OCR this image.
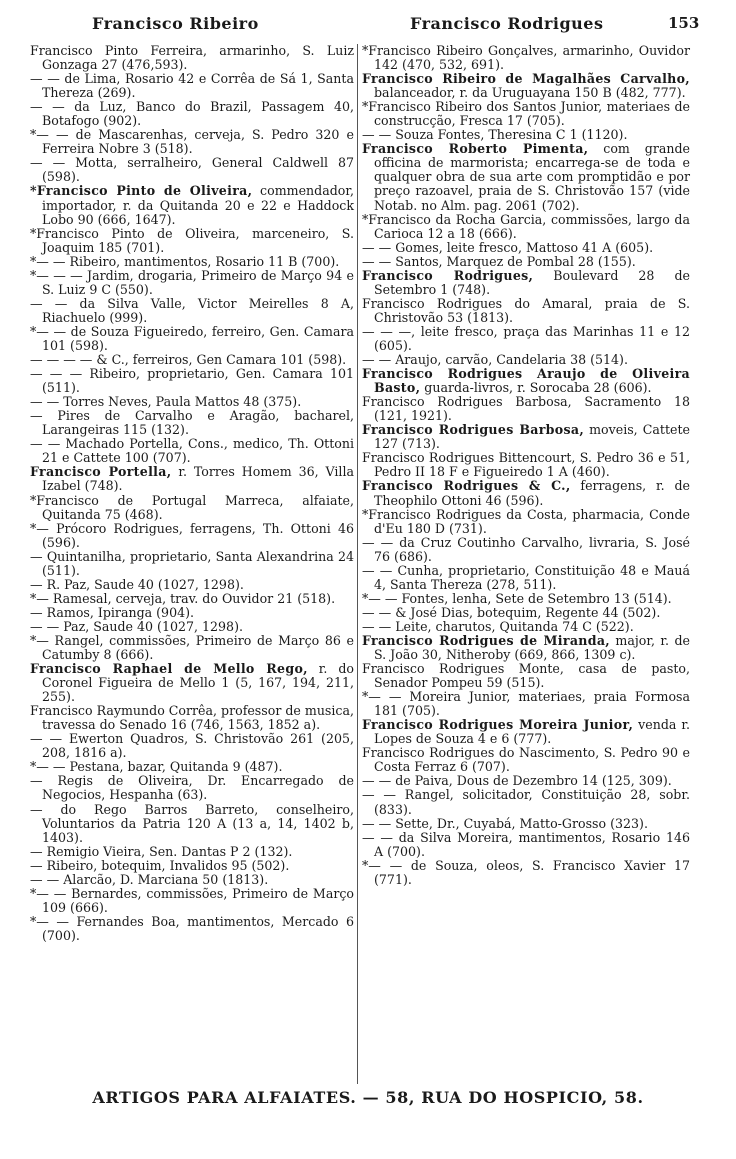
Francisco Ribeiro	Francisco Rodrigues	153

Francisco Pinto Ferreira, armarinho, S. Luiz Gonzaga 27 (476,593).

— — de Lima, Rosario 42 e Corrêa de Sá 1, Santa Thereza (269).

— — da Luz, Banco do Brazil, Passagem 40, Botafogo (902).

*— — de Mascarenhas, cerveja, S. Pedro 320 e Ferreira Nobre 3 (518).

— — Motta, serralheiro, General Caldwell 87 (598).

*Francisco Pinto de Oliveira, commendador, importador, r. da Quitanda 20 e 22 e Haddock Lobo 90 (666, 1647).

*Francisco Pinto de Oliveira, marceneiro, S. Joaquim 185 (701).

*— — Ribeiro, mantimentos, Rosario 11 B (700).

*— — — Jardim, drogaria, Primeiro de Março 94 e S. Luiz 9 C (550).

— — da Silva Valle, Victor Meirelles 8 A, Riachuelo (999).

*— — de Souza Figueiredo, ferreiro, Gen. Camara 101 (598).

— — — — & C., ferreiros, Gen Camara 101 (598).

— — — Ribeiro, proprietario, Gen. Camara 101 (511).

— — Torres Neves, Paula Mattos 48 (375).

— Pires de Carvalho e Aragão, bacharel, Larangeiras 115 (132).

— — Machado Portella, Cons., medico, Th. Ottoni 21 e Cattete 100 (707).

Francisco Portella, r. Torres Homem 36, Villa Izabel (748).

*Francisco de Portugal Marreca, alfaiate, Quitanda 75 (468).

*— Prócoro Rodrigues, ferragens, Th. Ottoni 46 (596).

— Quintanilha, proprietario, Santa Alexandrina 24 (511).

— R. Paz, Saude 40 (1027, 1298).

*— Ramesal, cerveja, trav. do Ouvidor 21 (518).

— Ramos, Ipiranga (904).

— — Paz, Saude 40 (1027, 1298).

*— Rangel, commissões, Primeiro de Março 86 e Catumby 8 (666).

Francisco Raphael de Mello Rego, r. do Coronel Figueira de Mello 1 (5, 167, 194, 211, 255).

Francisco Raymundo Corrêa, professor de musica, travessa do Senado 16 (746, 1563, 1852 a).

— — Ewerton Quadros, S. Christovão 261 (205, 208, 1816 a).

*— — Pestana, bazar, Quitanda 9 (487).

— Regis de Oliveira, Dr. Encarregado de Negocios, Hespanha (63).

— do Rego Barros Barreto, conselheiro, Voluntarios da Patria 120 A (13 a, 14, 1402 b, 1403).

— Remigio Vieira, Sen. Dantas P 2 (132).

— Ribeiro, botequim, Invalidos 95 (502).

— — Alarcão, D. Marciana 50 (1813).

*— — Bernardes, commissões, Primeiro de Março 109 (666).

*— — Fernandes Boa, mantimentos, Mercado 6 (700).

*Francisco Ribeiro Gonçalves, armarinho, Ouvidor 142 (470, 532, 691).

Francisco Ribeiro de Magalhães Carvalho, balanceador, r. da Uruguayana 150 B (482, 777).

*Francisco Ribeiro dos Santos Junior, materiaes de construcção, Fresca 17 (705).

— — Souza Fontes, Theresina C 1 (1120).

Francisco Roberto Pimenta, com grande officina de marmorista; encarrega-se de toda e qualquer obra de sua arte com promptidão e por preço razoavel, praia de S. Christovão 157 (vide Notab. no Alm. pag. 2061 (702).

*Francisco da Rocha Garcia, commissões, largo da Carioca 12 a 18 (666).

— — Gomes, leite fresco, Mattoso 41 A (605).

— — Santos, Marquez de Pombal 28 (155).

Francisco Rodrigues, Boulevard 28 de Setembro 1 (748).

Francisco Rodrigues do Amaral, praia de S. Christovão 53 (1813).

— — —, leite fresco, praça das Marinhas 11 e 12 (605).

— — Araujo, carvão, Candelaria 38 (514).

Francisco Rodrigues Araujo de Oliveira Basto, guarda-livros, r. Sorocaba 28 (606).

Francisco Rodrigues Barbosa, Sacramento 18 (121, 1921).

Francisco Rodrigues Barbosa, moveis, Cattete 127 (713).

Francisco Rodrigues Bittencourt, S. Pedro 36 e 51, Pedro II 18 F e Figueiredo 1 A (460).

Francisco Rodrigues & C., ferragens, r. de Theophilo Ottoni 46 (596).

*Francisco Rodrigues da Costa, pharmacia, Conde d'Eu 180 D (731).

— — da Cruz Coutinho Carvalho, livraria, S. José 76 (686).

— — Cunha, proprietario, Constituição 48 e Mauá 4, Santa Thereza (278, 511).

*— — Fontes, lenha, Sete de Setembro 13 (514).

— — & José Dias, botequim, Regente 44 (502).

— — Leite, charutos, Quitanda 74 C (522).

Francisco Rodrigues de Miranda, major, r. de S. João 30, Nitheroby (669, 866, 1309 c).

Francisco Rodrigues Monte, casa de pasto, Senador Pompeu 59 (515).

*— — Moreira Junior, materiaes, praia Formosa 181 (705).

Francisco Rodrigues Moreira Junior, venda r. Lopes de Souza 4 e 6 (777).

Francisco Rodrigues do Nascimento, S. Pedro 90 e Costa Ferraz 6 (707).

— — de Paiva, Dous de Dezembro 14 (125, 309).

— — Rangel, solicitador, Constituição 28, sobr. (833).

— — Sette, Dr., Cuyabá, Matto-Grosso (323).

— — da Silva Moreira, mantimentos, Rosario 146 A (700).

*— — de Souza, oleos, S. Francisco Xavier 17 (771).

ARTIGOS PARA ALFAIATES. — 58, RUA DO HOSPICIO, 58.
